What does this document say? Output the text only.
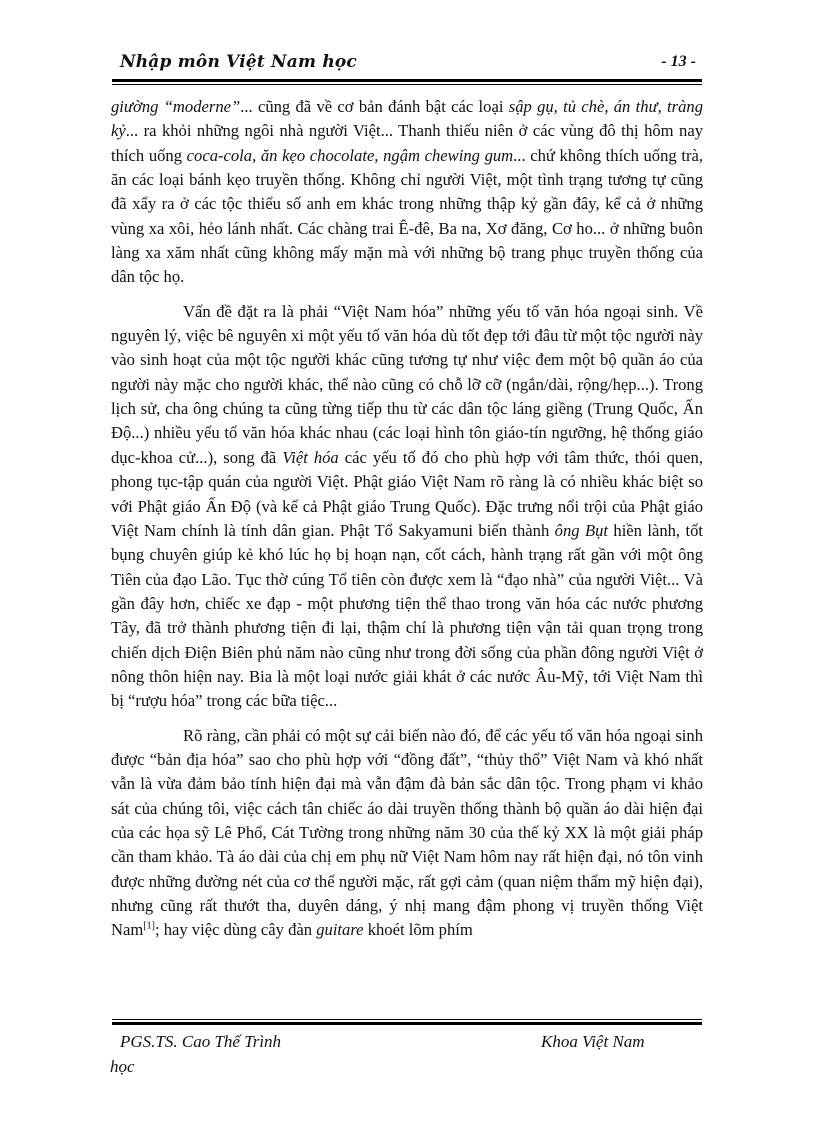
Nhập môn Việt Nam học	- 13 -

giường “moderne”... cũng đã về cơ bản đánh bật các loại sập gụ, tủ chè, án thư, tràng kỷ... ra khỏi những ngôi nhà người Việt... Thanh thiếu niên ở các vùng đô thị hôm nay thích uống coca-cola, ăn kẹo chocolate, ngậm chewing gum... chứ không thích uống trà, ăn các loại bánh kẹo truyền thống. Không chỉ người Việt, một tình trạng tương tự cũng đã xẩy ra ở các tộc thiểu số anh em khác trong những thập kỷ gần đây, kể cả ở những vùng xa xôi, hẻo lánh nhất. Các chàng trai Ê-đê, Ba na, Xơ đăng, Cơ ho... ở những buôn làng xa xăm nhất cũng không mấy mặn mà với những bộ trang phục truyền thống của dân tộc họ.

Vấn đề đặt ra là phải “Việt Nam hóa” những yếu tố văn hóa ngoại sinh. Về nguyên lý, việc bê nguyên xi một yếu tố văn hóa dù tốt đẹp tới đâu từ một tộc người này vào sinh hoạt của một tộc người khác cũng tương tự như việc đem một bộ quần áo của người này mặc cho người khác, thể nào cũng có chỗ lỡ cỡ (ngắn/dài, rộng/hẹp...). Trong lịch sử, cha ông chúng ta cũng từng tiếp thu từ các dân tộc láng giềng (Trung Quốc, Ấn Độ...) nhiều yếu tố văn hóa khác nhau (các loại hình tôn giáo-tín ngưỡng, hệ thống giáo dục-khoa cử...), song đã Việt hóa các yếu tố đó cho phù hợp với tâm thức, thói quen, phong tục-tập quán của người Việt. Phật giáo Việt Nam rõ ràng là có nhiều khác biệt so với Phật giáo Ấn Độ (và kể cả Phật giáo Trung Quốc). Đặc trưng nổi trội của Phật giáo Việt Nam chính là tính dân gian. Phật Tổ Sakyamuni biến thành ông Bụt hiền lành, tốt bụng chuyên giúp kẻ khó lúc họ bị hoạn nạn, cốt cách, hành trạng rất gần với một ông Tiên của đạo Lão. Tục thờ cúng Tổ tiên còn được xem là “đạo nhà” của người Việt... Và gần đây hơn, chiếc xe đạp - một phương tiện thể thao trong văn hóa các nước phương Tây, đã trở thành phương tiện đi lại, thậm chí là phương tiện vận tải quan trọng trong chiến dịch Điện Biên phủ năm nào cũng như trong đời sống của phần đông người Việt ở nông thôn hiện nay. Bia là một loại nước giải khát ở các nước Âu-Mỹ, tới Việt Nam thì bị “rượu hóa” trong các bữa tiệc...

Rõ ràng, cần phải có một sự cải biến nào đó, để các yếu tố văn hóa ngoại sinh được “bản địa hóa” sao cho phù hợp với “đồng đất”, “thủy thổ” Việt Nam và khó nhất vẫn là vừa đảm bảo tính hiện đại mà vẫn đậm đà bản sắc dân tộc. Trong phạm vi khảo sát của chúng tôi, việc cách tân chiếc áo dài truyền thống thành bộ quần áo dài hiện đại của các họa sỹ Lê Phổ, Cát Tường trong những năm 30 của thế kỷ XX là một giải pháp cần tham khảo. Tà áo dài của chị em phụ nữ Việt Nam hôm nay rất hiện đại, nó tôn vinh được những đường nét của cơ thể người mặc, rất gợi cảm (quan niệm thẩm mỹ hiện đại), nhưng cũng rất thướt tha, duyên dáng, ý nhị mang đậm phong vị truyền thống Việt Nam[1]; hay việc dùng cây đàn guitare khoét lõm phím

PGS.TS. Cao Thế Trình	Khoa Việt Nam
học
